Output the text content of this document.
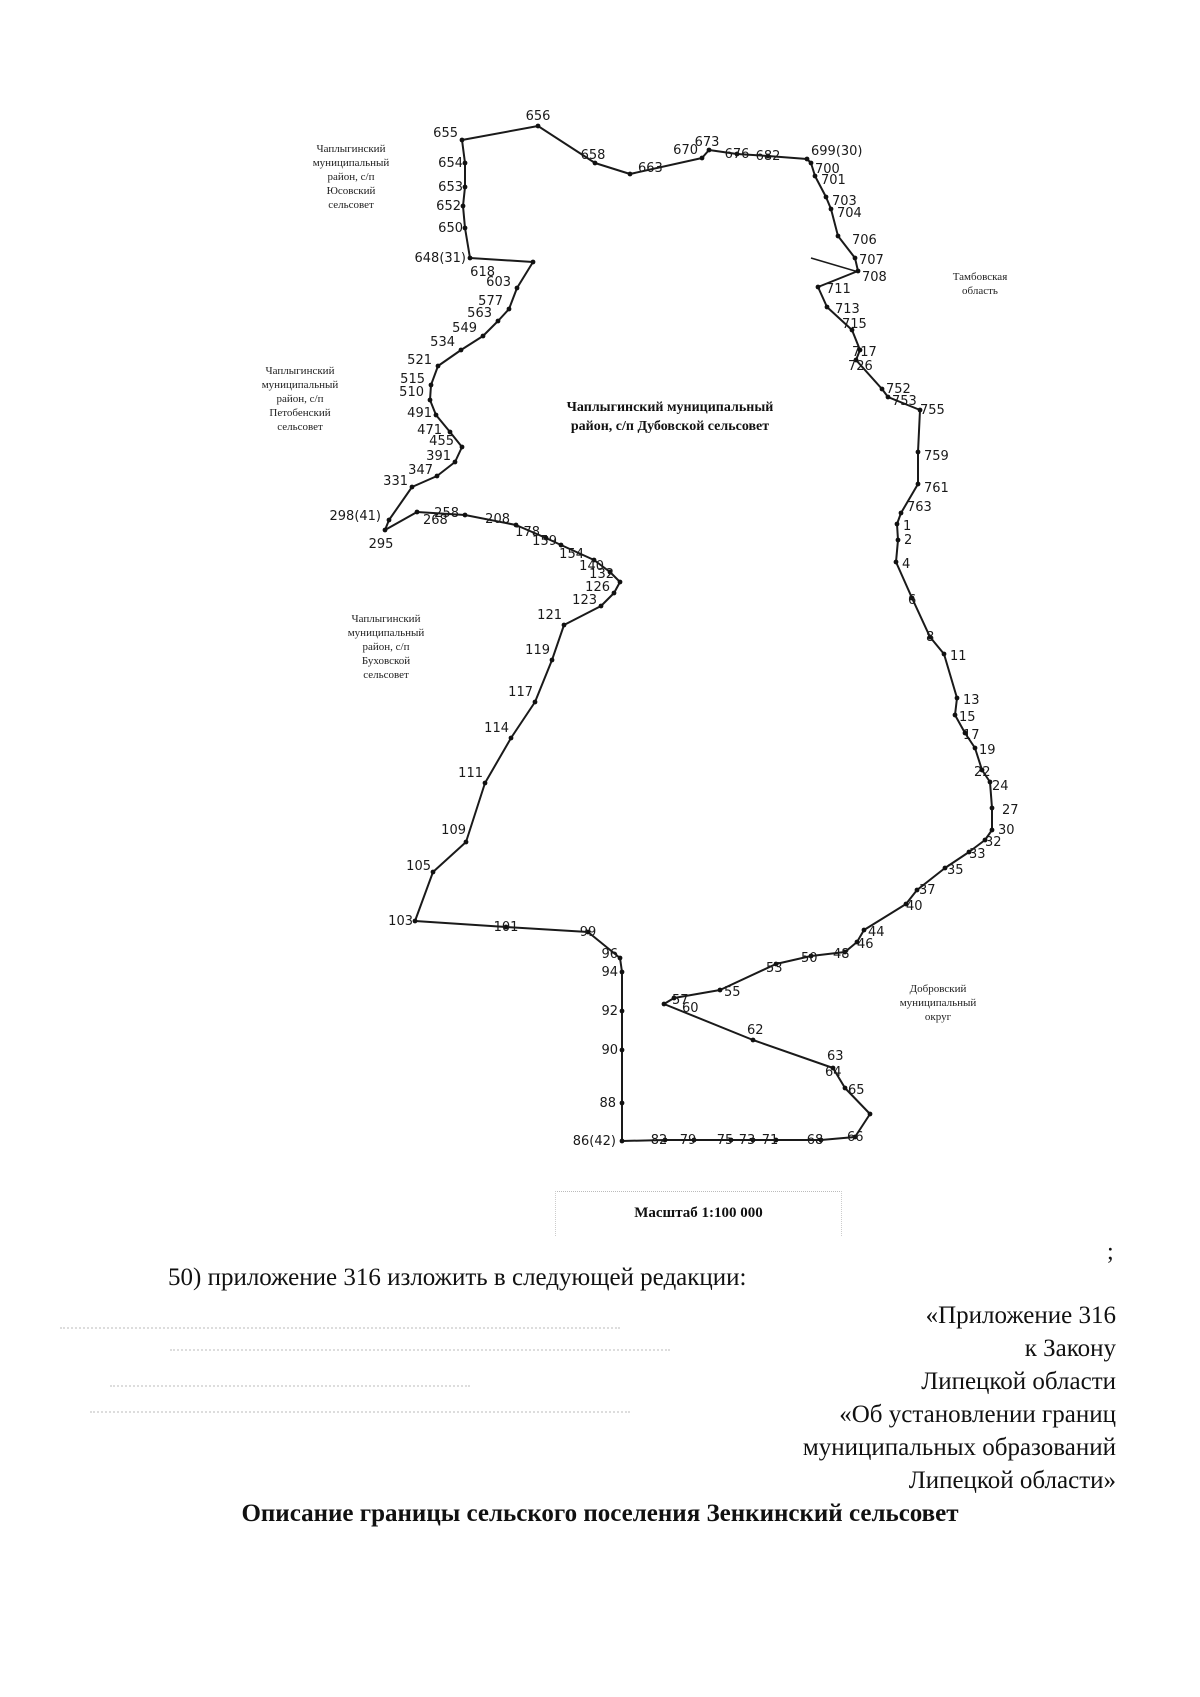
655
656
658
663
670
673
676 682 699(30)
700
701
703
704
706
707
708
711
713
715
717
726
752
753
755
759
761
763
1
2
4
6
8
11
13
15
17
19
22
24
27
30
32
33
35
37
40
44
46
48
50
53
55
57
60
62
63
64
65
66
68
71
73
75
79
82
86(42)
88
90
92
94
96
99
101
103
105
109
111
114
117
119
121
123
126
132
140
154
159
178
208
258
268
295
298(41)
331
347
391
455
471
491
510
515
521
534
549
563
577
603
618
648(31)
650
652
653
654
Чаплыгинский
муниципальный
район, с/п
Юсовский
сельсовет
Чаплыгинский
муниципальный
район, с/п
Петобенский
сельсовет
Чаплыгинский
муниципальный
район, с/п
Буховской
сельсовет
Тамбовская
область
Добровский
муниципальный
округ
Чаплыгинский муниципальный
район, с/п Дубовской сельсовет
Масштаб 1:100 000
;
50) приложение 316 изложить в следующей редакции:
«Приложение 316
к Закону
Липецкой области
«Об установлении границ
муниципальных образований
Липецкой области»
Описание границы сельского поселения Зенкинский сельсовет
